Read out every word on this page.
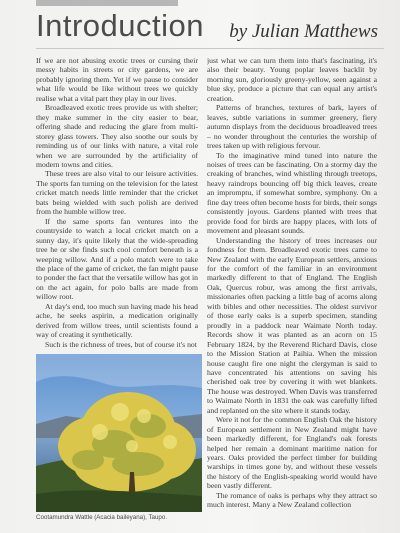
Introduction by Julian Matthews

If we are not abusing exotic trees or cursing their messy habits in streets or city gardens, we are probably ignoring them. Yet if we pause to consider what life would be like without trees we quickly realise what a vital part they play in our lives.

Broadleaved exotic trees provide us with shelter; they make summer in the city easier to bear, offering shade and reducing the glare from multi-storey glass towers. They also soothe our souls by reminding us of our links with nature, a vital role when we are surrounded by the artificiality of modern towns and cities.

These trees are also vital to our leisure activities. The sports fan turning on the television for the latest cricket match needs little reminder that the cricket bats being wielded with such polish are derived from the humble willow tree.

If the same sports fan ventures into the countryside to watch a local cricket match on a sunny day, it's quite likely that the wide-spreading tree he or she finds such cool comfort beneath is a weeping willow. And if a polo match were to take the place of the game of cricket, the fan might pause to ponder the fact that the versatile willow has got in on the act again, for polo balls are made from willow root.

At day's end, too much sun having made his head ache, he seeks aspirin, a medication originally derived from willow trees, until scientists found a way of creating it synthetically.

Such is the richness of trees, but of course it's not

just what we can turn them into that's fascinating, it's also their beauty. Young poplar leaves backlit by morning sun, gloriously greeny-yellow, seen against a blue sky, produce a picture that can equal any artist's creation.

Patterns of branches, textures of bark, layers of leaves, subtle variations in summer greenery, fiery autumn displays from the deciduous broadleaved trees – no wonder throughout the centuries the worship of trees taken up with religious fervour.

To the imaginative mind tuned into nature the noises of trees can be fascinating. On a stormy day the creaking of branches, wind whistling through treetops, heavy raindrops bouncing off big thick leaves, create an impromptu, if somewhat sombre, symphony. On a fine day trees often become hosts for birds, their songs consistently joyous. Gardens planted with trees that provide food for birds are happy places, with lots of movement and pleasant sounds.

Understanding the history of trees increases our fondness for them. Broadleaved exotic trees came to New Zealand with the early European settlers, anxious for the comfort of the familiar in an environment markedly different to that of England. The English Oak, Quercus robur, was among the first arrivals, missionaries often packing a little bag of acorns along with bibles and other necessities. The oldest survivor of those early oaks is a superb specimen, standing proudly in a paddock near Waimate North today. Records show it was planted as an acorn on 15 February 1824, by the Reverend Richard Davis, close to the Mission Station at Paihia. When the mission house caught fire one night the clergyman is said to have concentrated his attentions on saving his cherished oak tree by covering it with wet blankets. The house was destroyed. When Davis was transferred to Waimate North in 1831 the oak was carefully lifted and replanted on the site where it stands today.

Were it not for the common English Oak the history of European settlement in New Zealand might have been markedly different, for England's oak forests helped her remain a dominant maritime nation for years. Oaks provided the perfect timber for building warships in times gone by, and without these vessels the history of the English-speaking world would have been vastly different.

The romance of oaks is perhaps why they attract so much interest. Many a New Zealand collection

Cootamundra Wattle (Acacia baileyana), Taupo.
